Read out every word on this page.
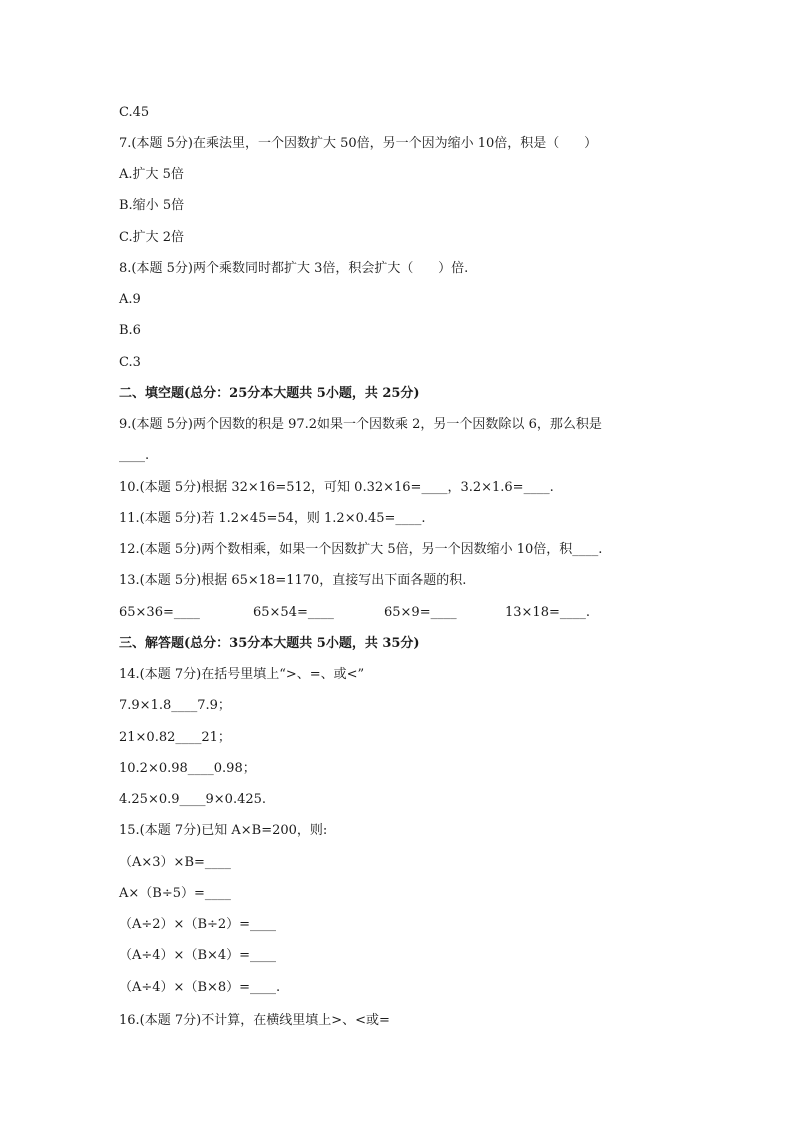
C.45
7.(本题 5分)在乘法里，一个因数扩大 50倍，另一个因为缩小 10倍，积是（      ）
A.扩大 5倍
B.缩小 5倍
C.扩大 2倍
8.(本题 5分)两个乘数同时都扩大 3倍，积会扩大（      ）倍.
A.9
B.6
C.3
二、填空题(总分：25分本大题共 5小题，共 25分)
9.(本题 5分)两个因数的积是 97.2如果一个因数乘 2，另一个因数除以 6，那么积是
____.
10.(本题 5分)根据 32×16=512，可知 0.32×16=____，3.2×1.6=____.
11.(本题 5分)若 1.2×45=54，则 1.2×0.45=____.
12.(本题 5分)两个数相乘，如果一个因数扩大 5倍，另一个因数缩小 10倍，积____.
13.(本题 5分)根据 65×18=1170，直接写出下面各题的积.

65×36=____

	65×54=____

	65×9=____

	13×18=____.

三、解答题(总分：35分本大题共 5小题，共 35分)
14.(本题 7分)在括号里填上“>、=、或<”
7.9×1.8____7.9；
21×0.82____21；
10.2×0.98____0.98；
4.25×0.9____9×0.425.
15.(本题 7分)已知 A×B=200，则:
（A×3）×B=____
A×（B÷5）=____
（A÷2）×（B÷2）=____
（A÷4）×（B×4）=____
（A÷4）×（B×8）=____.
16.(本题 7分)不计算，在横线里填上>、<或=
